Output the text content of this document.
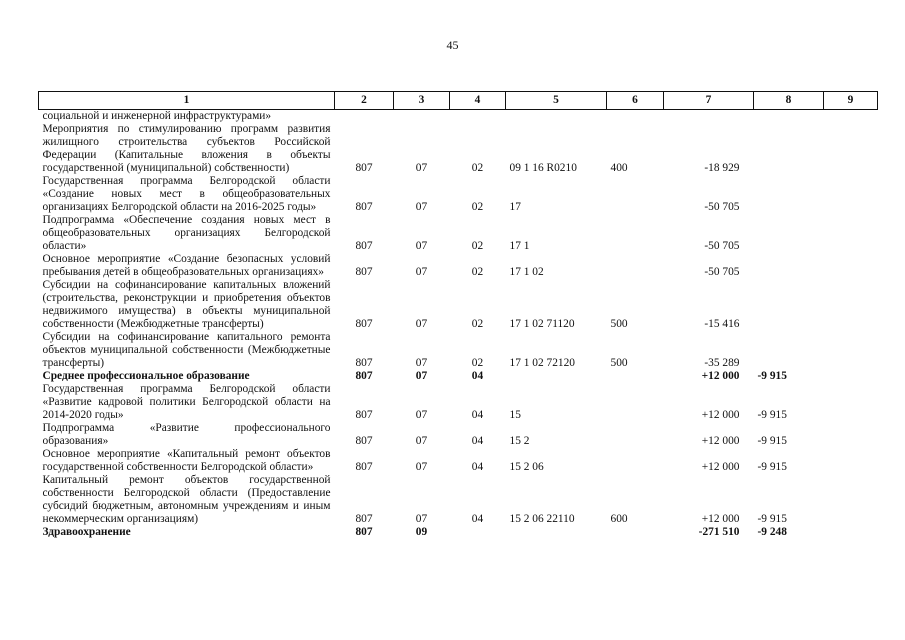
45
1	2	3	4	5	6	7	8	9
социальной и инженерной инфраструктурами»								
Мероприятия по стимулированию программ развития жилищного строительства субъектов Российской Федерации (Капитальные вложения в объекты государственной (муниципальной) собственности)	807	07	02	09 1 16 R0210	400	-18 929		
Государственная программа Белгородской области «Создание новых мест в общеобразовательных организациях Белгородской области на 2016-2025 годы»	807	07	02	17		-50 705		
Подпрограмма «Обеспечение создания новых мест в общеобразовательных организациях Белгородской области»	807	07	02	17 1		-50 705		
Основное мероприятие «Создание безопасных условий пребывания детей в общеобразовательных организациях»	807	07	02	17 1 02		-50 705		
Субсидии на софинансирование капитальных вложений (строительства, реконструкции и приобретения объектов недвижимого имущества) в объекты муниципальной собственности (Межбюджетные трансферты)	807	07	02	17 1 02 71120	500	-15 416		
Субсидии на софинансирование капитального ремонта объектов муниципальной собственности (Межбюджетные трансферты)	807	07	02	17 1 02 72120	500	-35 289		
Среднее профессиональное образование	807	07	04			+12 000	-9 915	
Государственная программа Белгородской области «Развитие кадровой политики Белгородской области на 2014-2020 годы»	807	07	04	15		+12 000	-9 915	
Подпрограмма «Развитие профессионального образования»	807	07	04	15 2		+12 000	-9 915	
Основное мероприятие «Капитальный ремонт объектов государственной собственности Белгородской области»	807	07	04	15 2 06		+12 000	-9 915	
Капитальный ремонт объектов государственной собственности Белгородской области (Предоставление субсидий бюджетным, автономным учреждениям и иным некоммерческим организациям)	807	07	04	15 2 06 22110	600	+12 000	-9 915	
Здравоохранение	807	09				-271 510	-9 248	
